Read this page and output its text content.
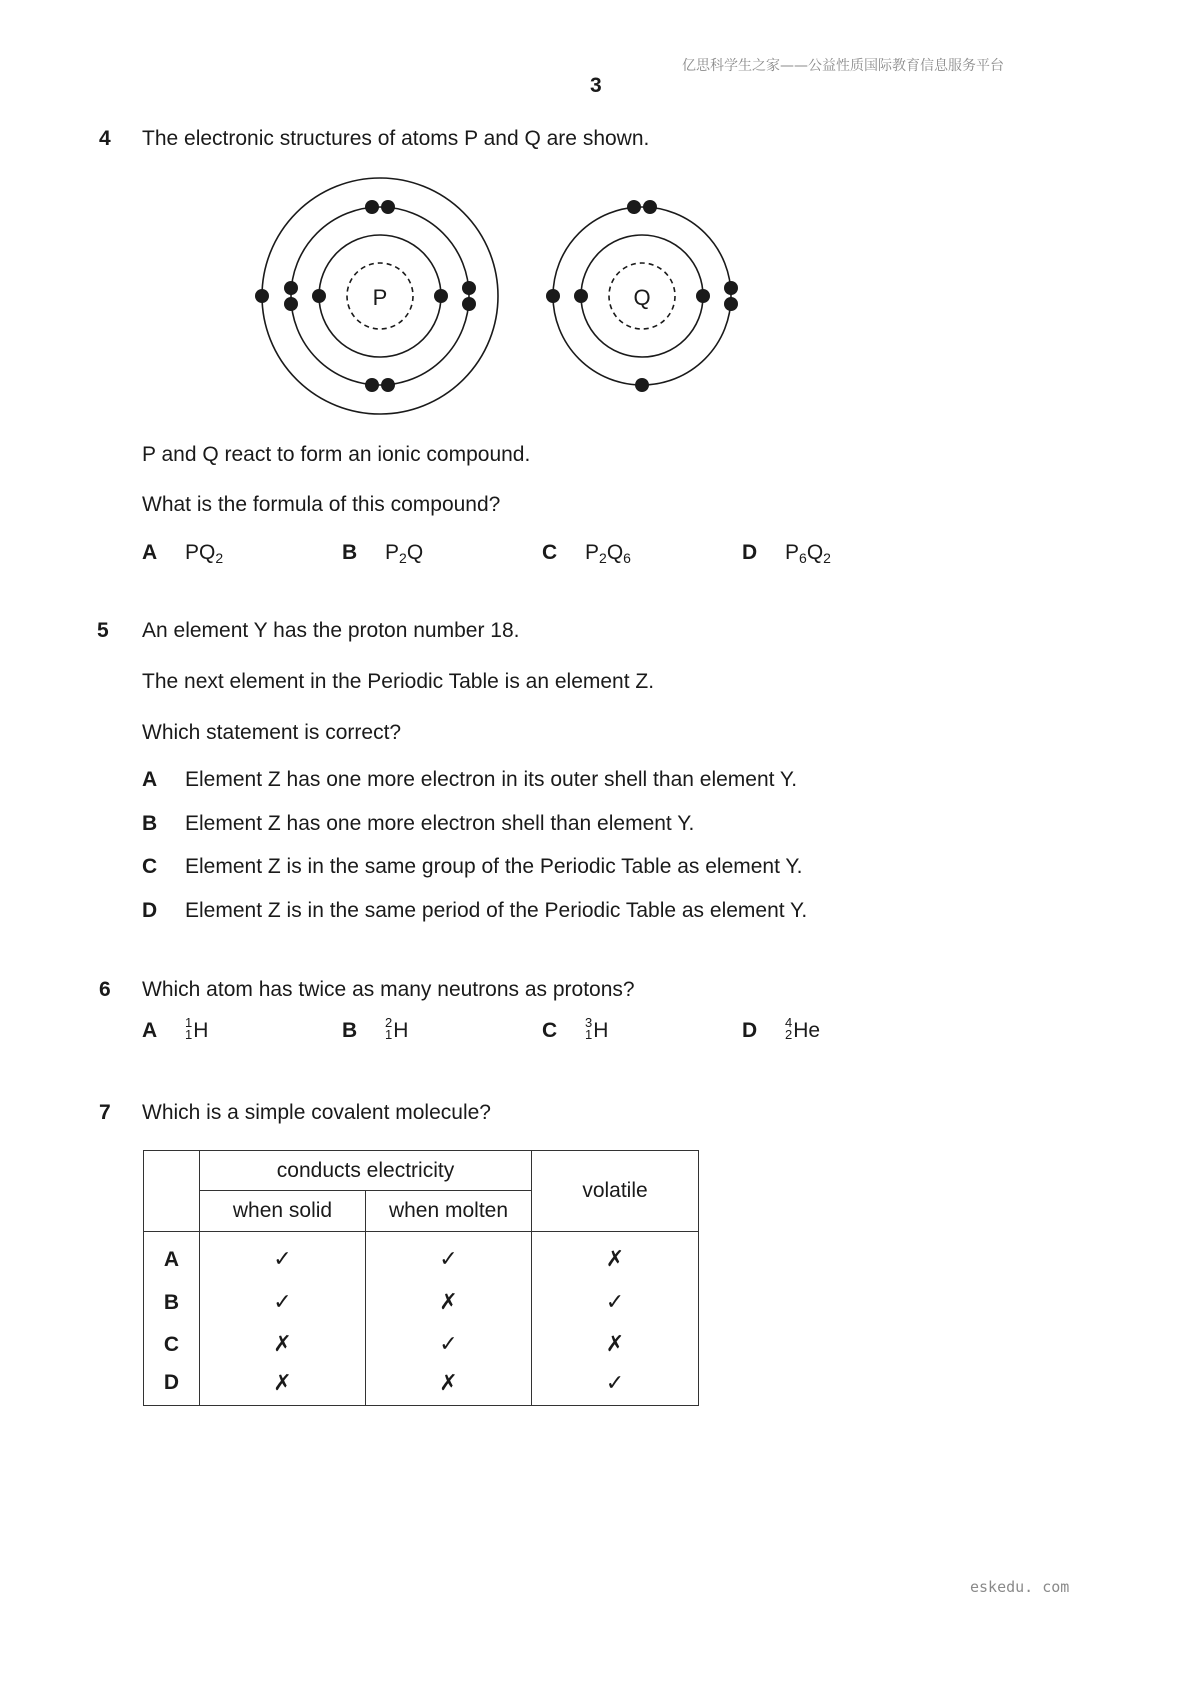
亿思科学生之家——公益性质国际教育信息服务平台
3
4 The electronic structures of atoms P and Q are shown.
P	Q
P and Q react to form an ionic compound.
What is the formula of this compound?
A $PQ_2$	B $P_2Q$	C $P_2Q_6$	D $P_6Q_2$
5 An element Y has the proton number 18.
The next element in the Periodic Table is an element Z.
Which statement is correct?
A Element Z has one more electron in its outer shell than element Y.
B Element Z has one more electron shell than element Y.
C Element Z is in the same group of the Periodic Table as element Y.
D Element Z is in the same period of the Periodic Table as element Y.
6 Which atom has twice as many neutrons as protons?
A 1
1 H	B 2
1 H	C 3
1 H	D 4
2 He
7 Which is a simple covalent molecule?
	conducts electricity		volatile
	when solid	when molten	
A	✓	✓	✗
B	✓	✗	✓
C	✗	✓	✗
D	✗	✗	✓
eskedu. com
